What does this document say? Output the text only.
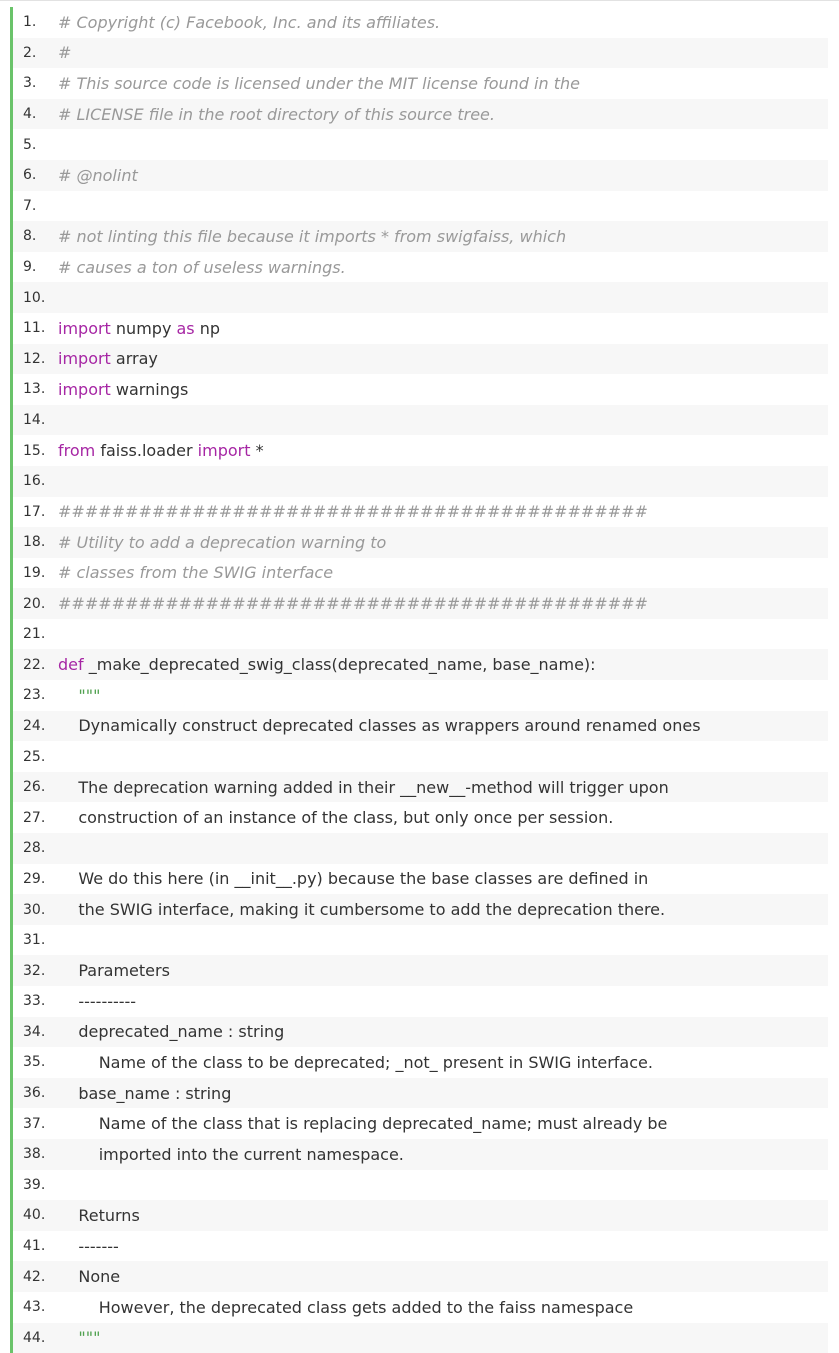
1.	# Copyright (c) Facebook, Inc. and its affiliates.
2.	#
3.	# This source code is licensed under the MIT license found in the
4.	# LICENSE file in the root directory of this source tree.
5.
6.	# @nolint
7.
8.	# not linting this file because it imports * from swigfaiss, which
9.	# causes a ton of useless warnings.
10.
11. import numpy as np
12. import array
13. import warnings
14.
15. from faiss.loader import *
16.
17. ############################################
18. # Utility to add a deprecation warning to
19. # classes from the SWIG interface
20. ############################################
21.
22. def _make_deprecated_swig_class(deprecated_name, base_name):
23. """
24. Dynamically construct deprecated classes as wrappers around renamed ones
25.
26. The deprecation warning added in their __new__-method will trigger upon
27. construction of an instance of the class, but only once per session.
28.
29. We do this here (in __init__.py) because the base classes are defined in
30. the SWIG interface, making it cumbersome to add the deprecation there.
31.
32. Parameters
33. ----------
34. deprecated_name : string
35. Name of the class to be deprecated; _not_ present in SWIG interface.
36. base_name : string
37. Name of the class that is replacing deprecated_name; must already be
38. imported into the current namespace.
39.
40. Returns
41. -------
42. None
43. However, the deprecated class gets added to the faiss namespace
44. """
